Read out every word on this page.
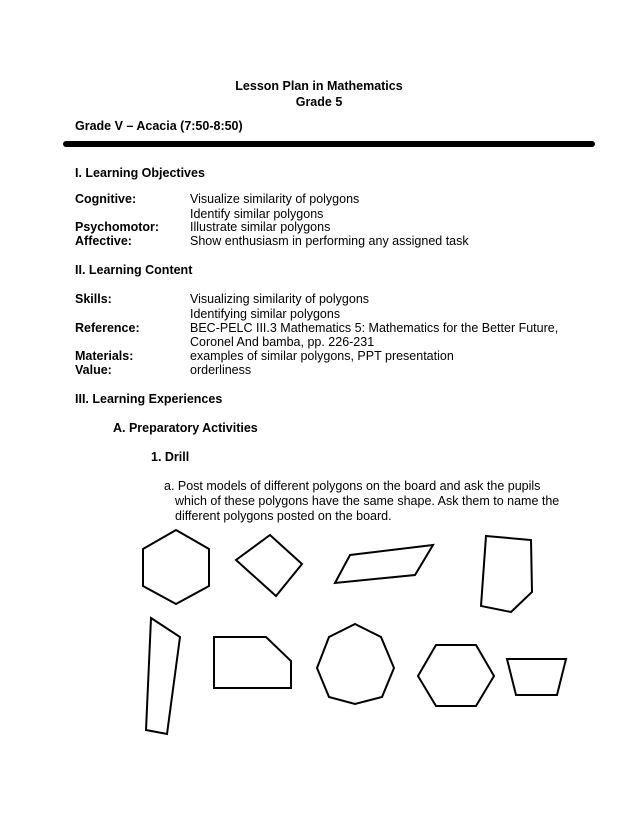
Lesson Plan in Mathematics
Grade 5
Grade V – Acacia (7:50-8:50)
I. Learning Objectives
Cognitive:	Visualize similarity of polygons
Identify similar polygons
Psychomotor: Illustrate similar polygons
Affective:	Show enthusiasm in performing any assigned task
II. Learning Content
Skills:	Visualizing similarity of polygons
Identifying similar polygons
Reference:	BEC-PELC III.3 Mathematics 5: Mathematics for the Better Future,
Coronel And bamba, pp. 226-231
Materials:	examples of similar polygons, PPT presentation
Value:	orderliness
III. Learning Experiences
A. Preparatory Activities
1. Drill
a. Post models of different polygons on the board and ask the pupils
which of these polygons have the same shape. Ask them to name the
different polygons posted on the board.
